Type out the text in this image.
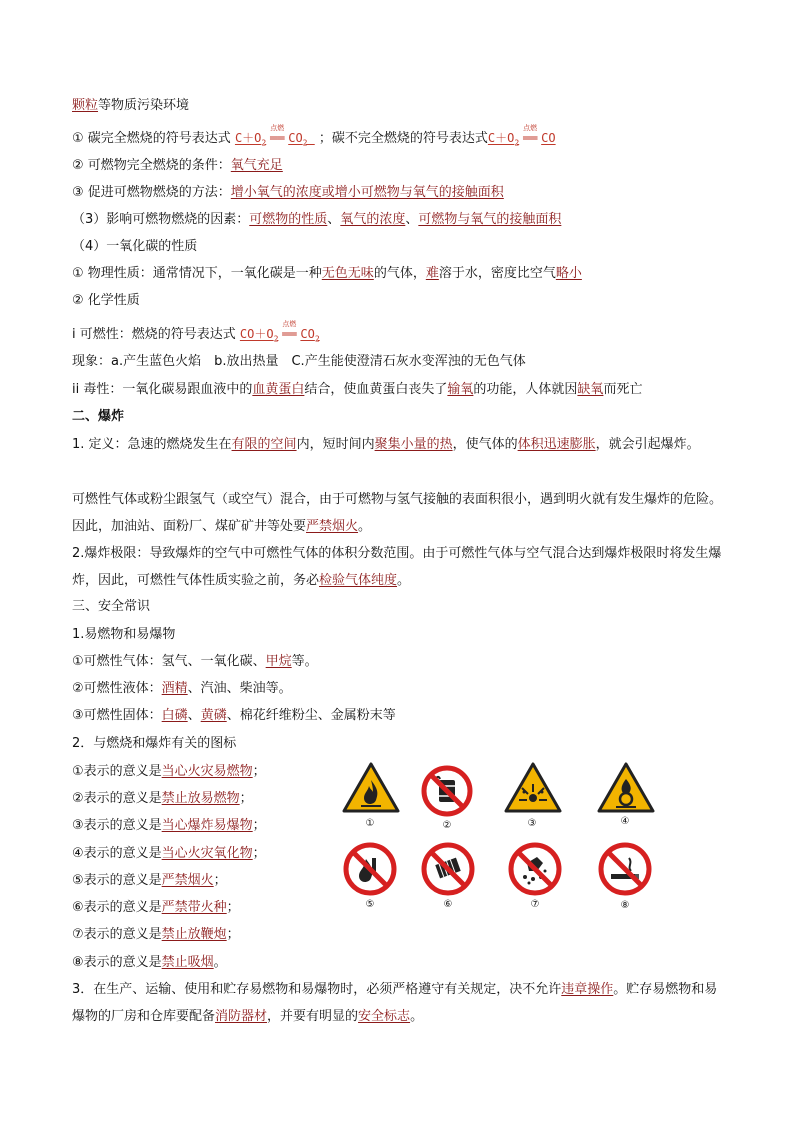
颗粒等物质污染环境
① 碳完全燃烧的符号表达式 $C+O_2$ ══
点燃
$CO_2$ ；碳不完全燃烧的符号表达式$C+O_2$ ══
点燃
CO
② 可燃物完全燃烧的条件：氧气充足
③ 促进可燃物燃烧的方法：增小氧气的浓度或增小可燃物与氧气的接触面积
（3）影响可燃物燃烧的因素：可燃物的性质、氧气的浓度、可燃物与氧气的接触面积
（4）一氧化碳的性质
① 物理性质：通常情况下，一氧化碳是一种无色无味的气体，难溶于水，密度比空气略小
② 化学性质
i 可燃性：燃烧的符号表达式 $CO+O_2$ ══
点燃
$CO_2$
现象：a.产生蓝色火焰　b.放出热量　C.产生能使澄清石灰水变浑浊的无色气体
ii 毒性：一氧化碳易跟血液中的血黄蛋白结合，使血黄蛋白丧失了输氧的功能，人体就因缺氧而死亡
二、爆炸
1. 定义：急速的燃烧发生在有限的空间内，短时间内聚集小量的热，使气体的体积迅速膨胀，就会引起爆炸。
可燃性气体或粉尘跟氢气（或空气）混合，由于可燃物与氢气接触的表面积很小，遇到明火就有发生爆炸的危险。因此，加油站、面粉厂、煤矿矿井等处要严禁烟火。
2.爆炸极限：导致爆炸的空气中可燃性气体的体积分数范围。由于可燃性气体与空气混合达到爆炸极限时将发生爆炸，因此，可燃性气体性质实验之前，务必检验气体纯度。
三、安全常识
1.易燃物和易爆物
①可燃性气体：氢气、一氧化碳、甲烷等。
②可燃性液体：酒精、汽油、柴油等。
③可燃性固体：白磷、黄磷、棉花纤维粉尘、金属粉末等
2．与燃烧和爆炸有关的图标
①表示的意义是当心火灾易燃物；
②表示的意义是禁止放易燃物；
③表示的意义是当心爆炸易爆物；
④表示的意义是当心火灾氧化物；
⑤表示的意义是严禁烟火；
⑥表示的意义是严禁带火种；
⑦表示的意义是禁止放鞭炮；
⑧表示的意义是禁止吸烟。
①	②	③	④
⑤	⑥	⑦	⑧
3．在生产、运输、使用和贮存易燃物和易爆物时，必须严格遵守有关规定，决不允许违章操作。贮存易燃物和易爆物的厂房和仓库要配备消防器材，并要有明显的安全标志。
